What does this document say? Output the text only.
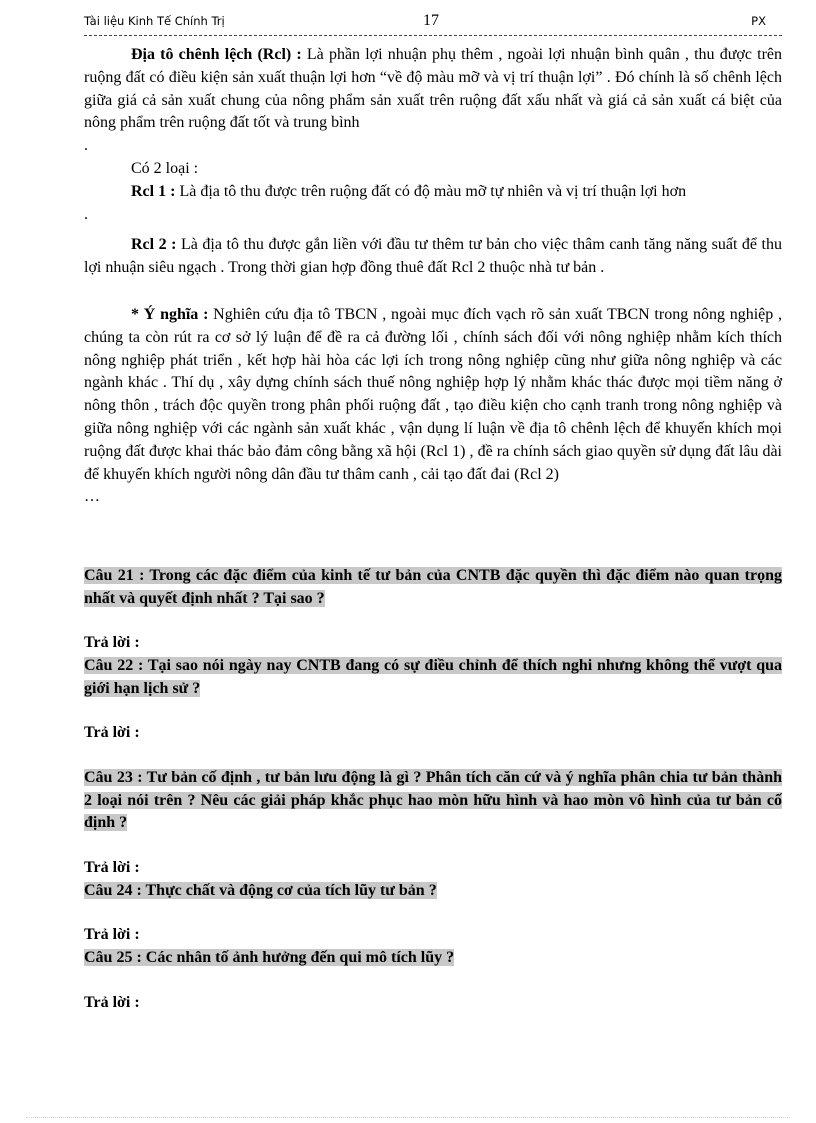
Tài liệu Kinh Tế Chính Trị	17	PX

Địa tô chênh lệch (Rcl) : Là phần lợi nhuận phụ thêm , ngoài lợi nhuận bình quân , thu được trên ruộng đất có điều kiện sản xuất thuận lợi hơn “về độ màu mỡ và vị trí thuận lợi” . Đó chính là số chênh lệch giữa giá cả sản xuất chung của nông phẩm sản xuất trên ruộng đất xấu nhất và giá cả sản xuất cá biệt của nông phẩm trên ruộng đất tốt và trung bình

.

Có 2 loại :

Rcl 1 : Là địa tô thu được trên ruộng đất có độ màu mỡ tự nhiên và vị trí thuận lợi hơn

.

Rcl 2 : Là địa tô thu được gắn liền với đầu tư thêm tư bản cho việc thâm canh tăng năng suất để thu lợi nhuận siêu ngạch . Trong thời gian hợp đồng thuê đất Rcl 2 thuộc nhà tư bản .

* Ý nghĩa : Nghiên cứu địa tô TBCN , ngoài mục đích vạch rõ sản xuất TBCN trong nông nghiệp , chúng ta còn rút ra cơ sở lý luận để đề ra cả đường lối , chính sách đối với nông nghiệp nhằm kích thích nông nghiệp phát triển , kết hợp hài hòa các lợi ích trong nông nghiệp cũng như giữa nông nghiệp và các ngành khác . Thí dụ , xây dựng chính sách thuế nông nghiệp hợp lý nhằm khác thác được mọi tiềm năng ở nông thôn , trách độc quyền trong phân phối ruộng đất , tạo điều kiện cho cạnh tranh trong nông nghiệp và giữa nông nghiệp với các ngành sản xuất khác , vận dụng lí luận về địa tô chênh lệch để khuyến khích mọi ruộng đất được khai thác bảo đảm công bằng xã hội (Rcl 1) , đề ra chính sách giao quyền sử dụng đất lâu dài để khuyến khích người nông dân đầu tư thâm canh , cải tạo đất đai (Rcl 2)

…

Câu 21 : Trong các đặc điểm của kinh tế tư bản của CNTB đặc quyền thì đặc điểm nào quan trọng nhất và quyết định nhất ? Tại sao ?

Trả lời :

Câu 22 : Tại sao nói ngày nay CNTB đang có sự điều chỉnh để thích nghi nhưng không thể vượt qua giới hạn lịch sử ?

Trả lời :

Câu 23 : Tư bản cố định , tư bản lưu động là gì ? Phân tích căn cứ và ý nghĩa phân chia tư bản thành 2 loại nói trên ? Nêu các giải pháp khắc phục hao mòn hữu hình và hao mòn vô hình của tư bản cố định ?

Trả lời :

Câu 24 : Thực chất và động cơ của tích lũy tư bản ?

Trả lời :

Câu 25 : Các nhân tố ảnh hưởng đến qui mô tích lũy ?

Trả lời :
